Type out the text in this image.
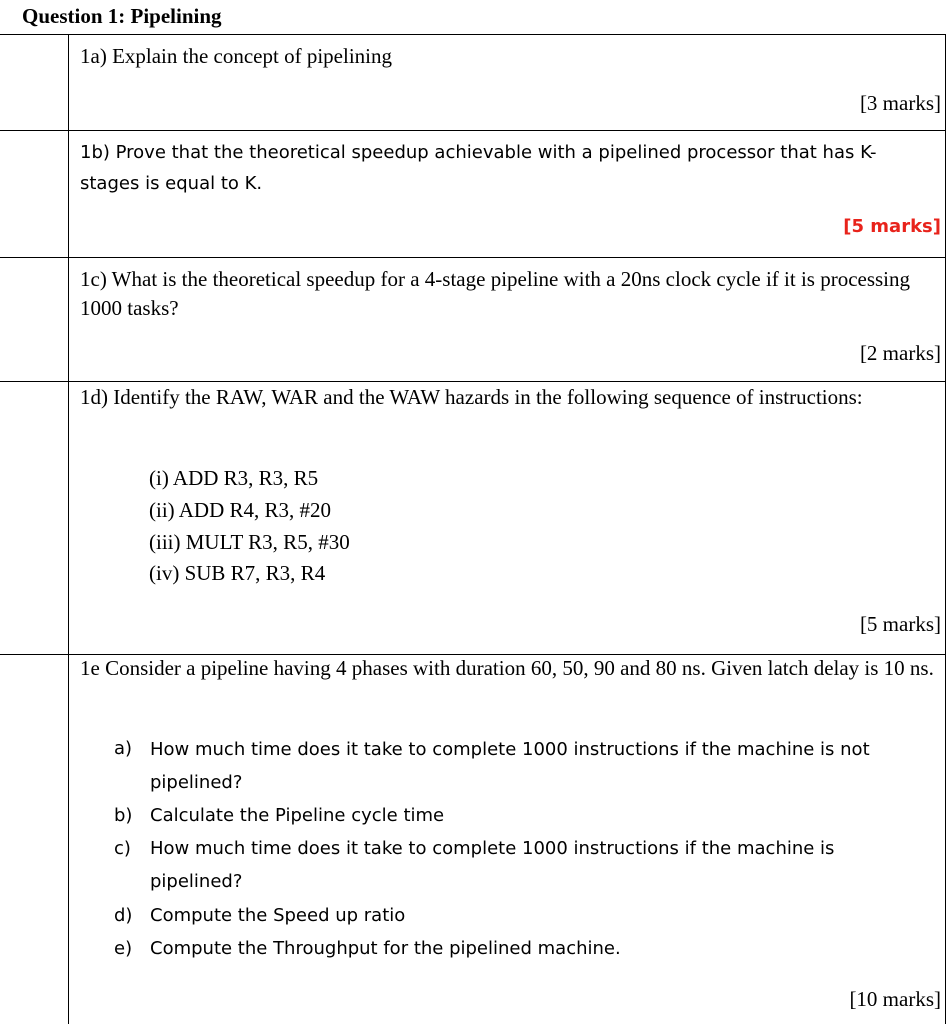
Question 1: Pipelining
1a) Explain the concept of pipelining
[3 marks]
1b) Prove that the theoretical speedup achievable with a pipelined processor that has K-stages is equal to K.
[5 marks]
1c) What is the theoretical speedup for a 4-stage pipeline with a 20ns clock cycle if it is processing 1000 tasks?
[2 marks]
1d) Identify the RAW, WAR and the WAW hazards in the following sequence of instructions:
(i) ADD R3, R3, R5
(ii) ADD R4, R3, #20
(iii) MULT R3, R5, #30
(iv) SUB R7, R3, R4
[5 marks]
1e Consider a pipeline having 4 phases with duration 60, 50, 90 and 80 ns. Given latch delay is 10 ns.
a) How much time does it take to complete 1000 instructions if the machine is not pipelined?
b) Calculate the Pipeline cycle time
c) How much time does it take to complete 1000 instructions if the machine is pipelined?
d) Compute the Speed up ratio
e) Compute the Throughput for the pipelined machine.
[10 marks]
